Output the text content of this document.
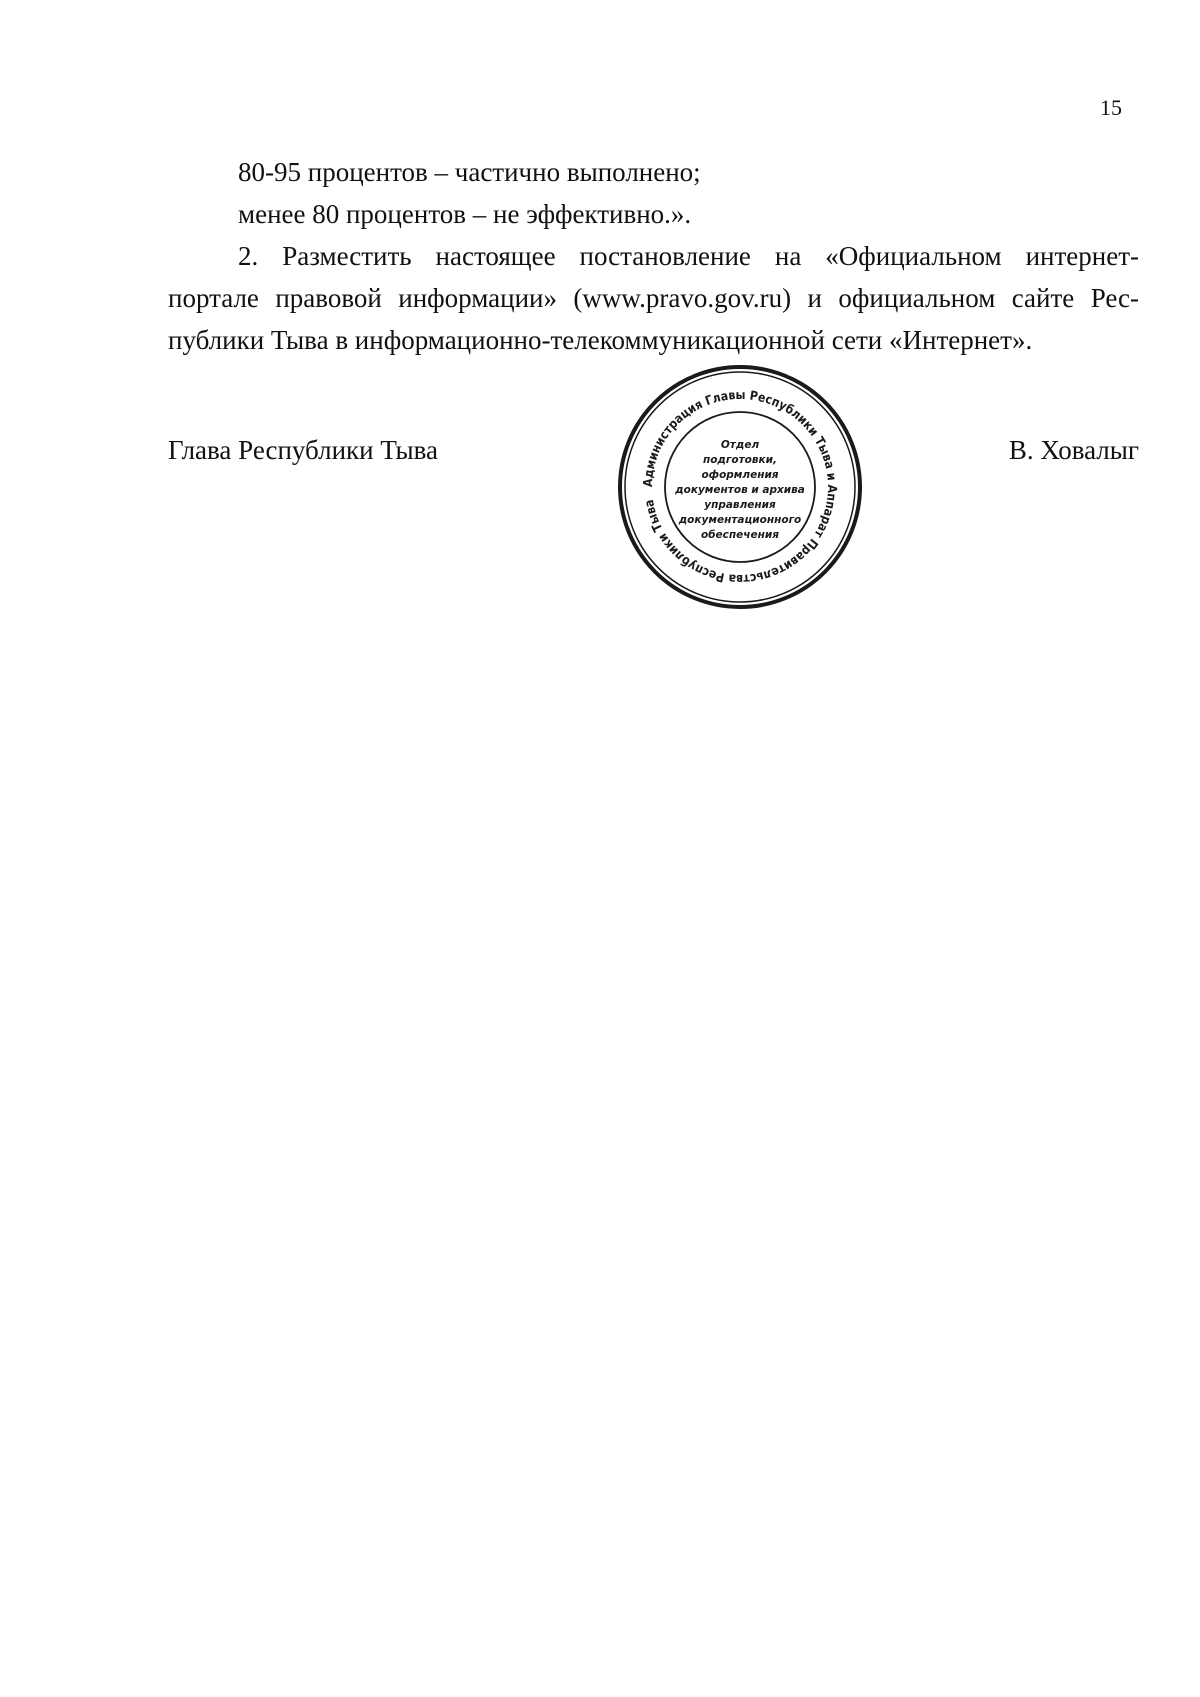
15
80-95 процентов – частично выполнено;
менее 80 процентов – не эффективно.».
2. Разместить настоящее постановление на «Официальном интернет-
портале правовой информации» (www.pravo.gov.ru) и официальном сайте Рес-
публики Тыва в информационно-телекоммуникационной сети «Интернет».
Глава Республики Тыва	В. Ховалыг
Администрация Главы Республики Тыва и Аппарат Правительства Республики Тыва
Отдел
подготовки,
оформления
документов и архива
управления
документационного
обеспечения
